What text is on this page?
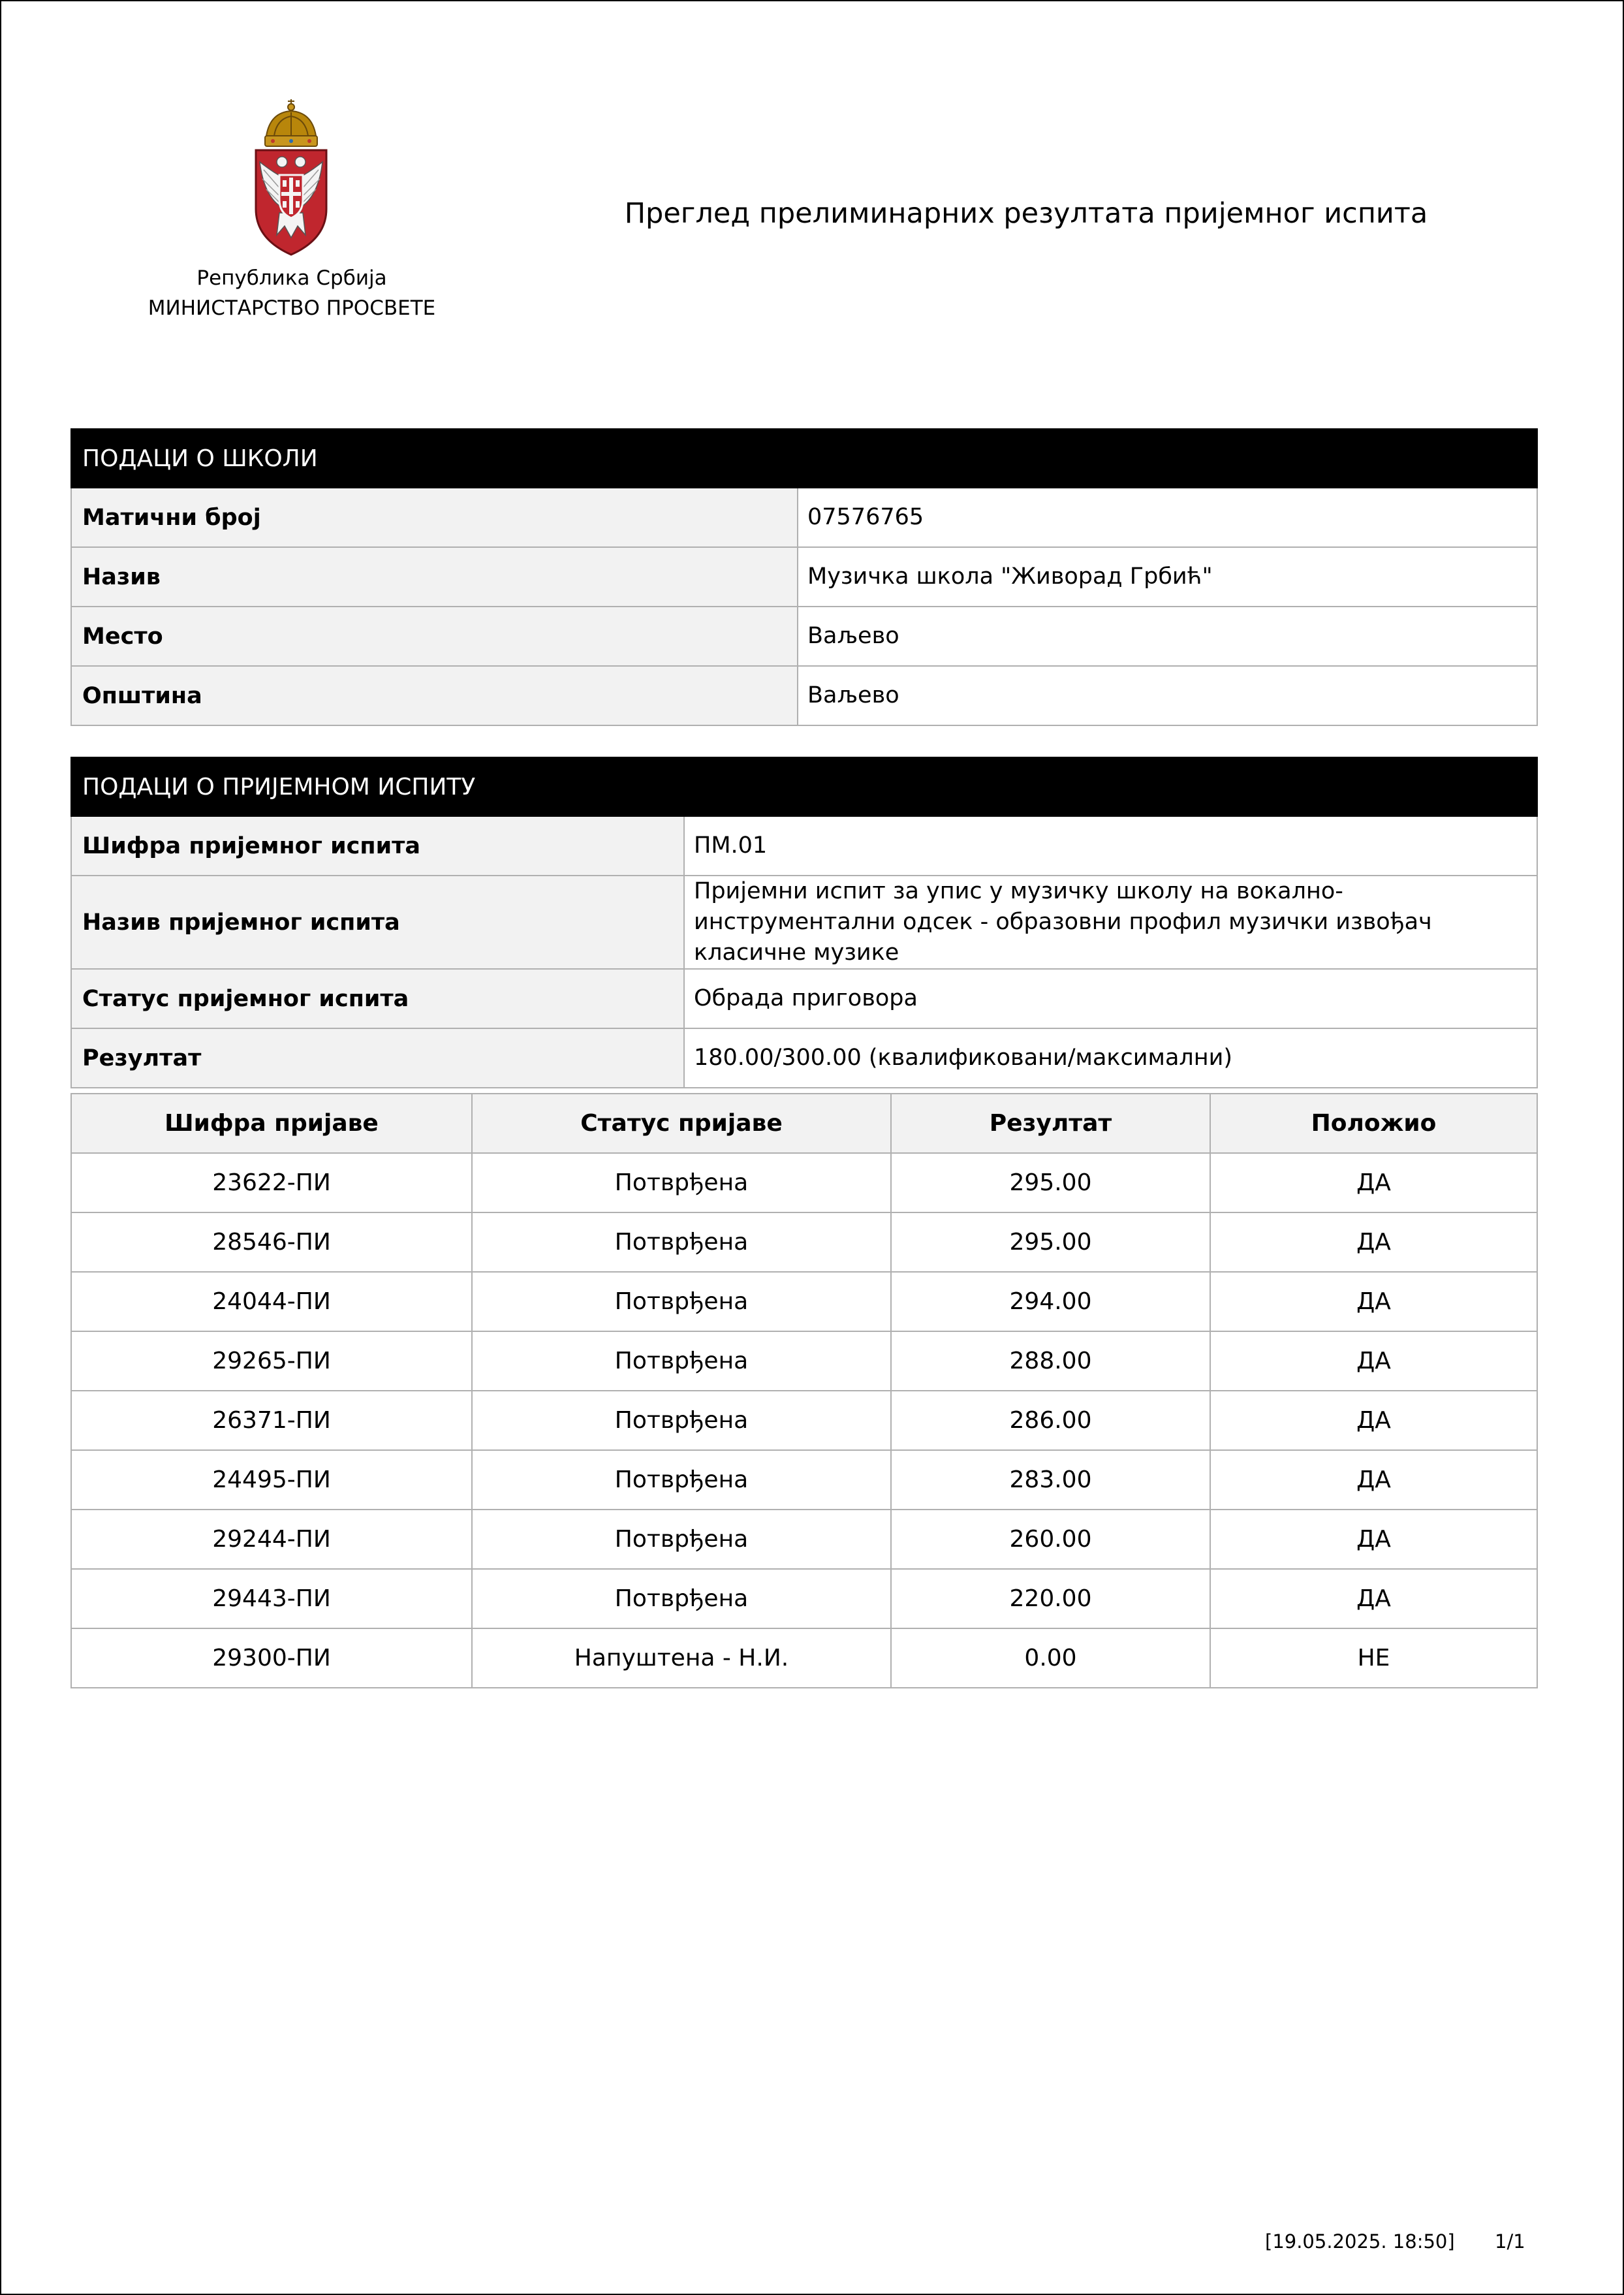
Република Србија
МИНИСТАРСТВО ПРОСВЕТЕ
Преглед прелиминарних резултата пријемног испита
ПОДАЦИ О ШКОЛИ	
Матични број	07576765
Назив	Музичка школа "Живорад Грбић"
Место	Ваљево
Општина	Ваљево
ПОДАЦИ О ПРИЈЕМНОМ ИСПИТУ	
Шифра пријемног испита	ПМ.01
Назив пријемног испита	Пријемни испит за упис у музичку школу на вокално-инструментални одсек - образовни профил музички извођач класичне музике
Статус пријемног испита	Обрада приговора
Резултат	180.00/300.00 (квалификовани/максимални)
Шифра пријаве	Статус пријаве	Резултат	Положио
23622-ПИ	Потврђена	295.00	ДА
28546-ПИ	Потврђена	295.00	ДА
24044-ПИ	Потврђена	294.00	ДА
29265-ПИ	Потврђена	288.00	ДА
26371-ПИ	Потврђена	286.00	ДА
24495-ПИ	Потврђена	283.00	ДА
29244-ПИ	Потврђена	260.00	ДА
29443-ПИ	Потврђена	220.00	ДА
29300-ПИ	Напуштена - Н.И.	0.00	НЕ
[19.05.2025. 18:50] 1/1
